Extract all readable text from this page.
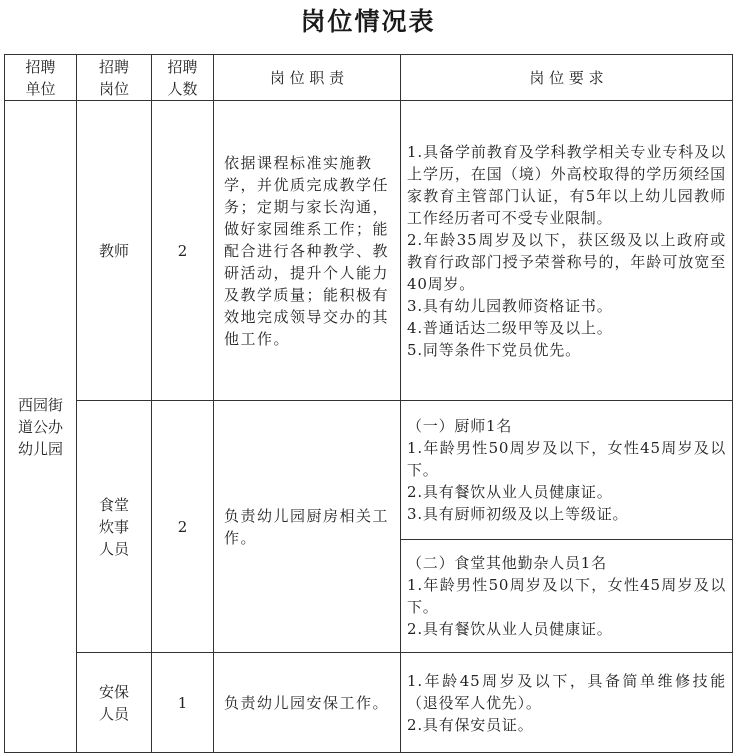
岗位情况表
招聘单位	招聘岗位	招聘人数	岗 位 职 责	岗 位 要 求

西园街道公办幼儿园	教师	2	依据课程标准实施教学，并优质完成教学任务；定期与家长沟通，做好家园维系工作；能配合进行各种教学、教研活动，提升个人能力及教学质量；能积极有效地完成领导交办的其他工作。	1.具备学前教育及学科教学相关专业专科及以上学历，在国（境）外高校取得的学历须经国家教育主管部门认证，有5年以上幼儿园教师工作经历者可不受专业限制。

2.年龄35周岁及以下，获区级及以上政府或教育行政部门授予荣誉称号的，年龄可放宽至40周岁。

3.具有幼儿园教师资格证书。

4.普通话达二级甲等及以上。

5.同等条件下党员优先。

	食堂炊事人员	2	负责幼儿园厨房相关工作。	（一）厨师1名

1.年龄男性50周岁及以下，女性45周岁及以下。

2.具有餐饮从业人员健康证。

3.具有厨师初级及以上等级证。

				（二）食堂其他勤杂人员1名

1.年龄男性50周岁及以下，女性45周岁及以下。

2.具有餐饮从业人员健康证。

	安保人员	1	负责幼儿园安保工作。	1.年龄45周岁及以下，具备简单维修技能（退役军人优先）。

2.具有保安员证。
